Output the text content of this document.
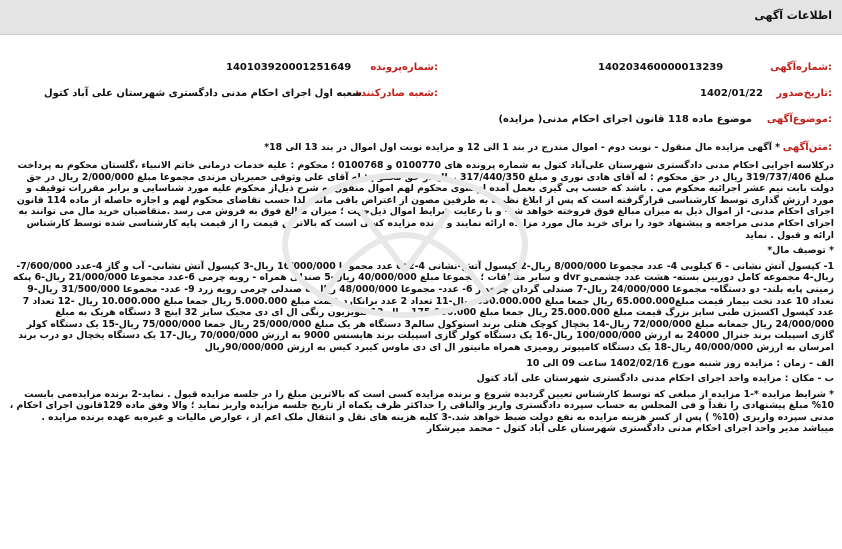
اطلاعات آگهی
شماره‌آگهی:
140203460000013239
شماره‌پرونده:
140103920001251649
تاریخ‌صدور:
1402/01/22
شعبه صادر‌کننده:
شعبه اول اجرای احکام مدنی دادگستری شهرستان علی آباد کتول
موضوع‌آگهی:
موضوع ماده 118 قانون اجرای احکام مدنی( مزایده)
متن‌آگهی:
* آگهی مزایده مال منقول - نوبت دوم - اموال مندرج در بند 1 الی 12 و مزایده نوبت اول اموال در بند 13 الی 18*

درکلاسه اجرایی احکام مدنی دادگستری شهرستان علی‌آباد کتول به شماره پرونده های 0100770 و 0100768 ؛ محکوم : علیه خدمات درمانی خاتم الانبیاء ،گلستان محکوم به پرداخت مبلغ 319/737/406 ریال در حق محکوم : له آقای هادی نوری و مبلغ 317/440/350 ریال در حق محکوم : له آقای علی وثوقی حمیریان مزندی مجموعا مبلغ 2/000/000 ریال در حق دولت بابت نیم عشر اجرائیه محکوم می . باشد که حسب پی گیری بعمل آمده از سوی محکوم لهم اموال منقول به شرح ذیل‌از محکوم علیه مورد شناسایی و برابر مقررات توقیف و مورد ارزش گذاری توسط کارشناسی قرارگرفته است که پس از ابلاغ نظریه به طرفین مصون از اعتراض باقی مانده لذا حسب تقاضای محکوم لهم و اجازه حاصله از ماده 114 قانون اجرای احکام مدنی- از اموال ذیل به میزان مبالغ فوق فروخته خواهد شد- و با رعایت شرایط اموال ذیل‌جهت ؛ میزان مبالغ فوق به فروش می رسد .متقاضیان خرید مال می توانند به اجرای احکام مدنی مراجعه و پیشنهاد خود را برای خرید مال مورد مزایده ارائه نمایند و برنده مزایده کسی است که بالاترین قیمت را از قیمت پایه کارشناسی شده توسط کارشناس ارائه و قبول . نماید

* توصیف مال*

1- کپسول آتش نشانی - 6 کیلویی 4- عدد مجموعا 8/000/000 ریال-2 کپسول آتش-نشانی co2-4 عدد مجموعا 16/000/000 ریال-3 کپسول آتش نشانی- آب و گاز 4-عدد 7/600/000- ریال-4 مجموعه کامل دوربین بسته- هشت عدد چشمی‌و dvr و سایر متعلقات ؛ مجموعا مبلغ 40/000/000 ریال-5 صندلی همراه - رویه چرمی 6-عدد مجموعا 21/000/000 ریال-6 پنکه زمینی پایه بلند- دو دستگاه- مجموعا 24/000/000 ریال-7 صندلی گردان چرخدار 6- عدد- مجموعا 48/000/000 ریال-8 صندلی چرمی رویه زرد 9- عدد- مجموعا 31/500/000 ریال-9 تعداد 10 عدد تخت بیمار قیمت مبلغ65.000.000 ریال جمعا مبلغ 650.000.000 ریال-11 تعداد 2 عدد برانکارد قیمت مبلغ 5.000.000 ریال جمعا مبلغ 10.000.000 ریال -12 تعداد 7 عدد کپسول اکسیژن طبی سایز بزرگ قیمت مبلغ 25.000.000 ریال جمعا مبلغ 175.000.000 ریال-13 تلویزیون رنگی ال ای دی مجیک سایز 32 اینچ 3 دستگاه هریک به مبلغ 24/000/000 ریال جمعابه مبلغ 72/000/000 ریال-14 یخچال کوچک هتلی برند اسنوکول سالم3 دستگاه هر یک مبلغ 25/000/000 ریال جمعا 75/000/000 ریال-15 یک دستگاه کولر گازی اسپیلت برند جنرال 24000 به ارزش 100/000/000 ریال-16 یک دستگاه کولر گازی اسپیلت برند هایسنس 9000 به ارزش 70/000/000 ریال-17 یک دستگاه یخچال دو درب برند امرسان به ارزش 40/000/000 ریال-18 یک دستگاه کامپیوتر رومیزی همراه مانیتور ال ای دی ماوس کیبرد کیس به ارزش 90/000/000ریال

الف - زمان : مزایده روز شنبه مورخ 1402/02/16 ساعت 09 الی 10

ب - مکان : مزایده واحد اجرای احکام مدنی دادگستری شهرستان علی آباد کتول

* شرایط مزایده *-1 مزایده از مبلغی که توسط کارشناس تعیین گردیده شروع و برنده مزایده کسی است که بالاترین مبلغ را در جلسه مزایده قبول . نماید-2 برنده مزایده‌می بایست 10% مبلغ پیشنهادی را نقداً و فی المجلس به حساب سپرده دادگستری واریز والباقی را حداکثر ظرف یکماه از تاریخ جلسه مزایده واریز نماید ؛ والا وفق ماده 129قانون اجرای احکام ، مدنی سپرده واریزی (10% ) پس از کسر هزینه مزایده به نفع دولت ضبط خواهد شد.-3 کلیه هزینه های نقل و انتقال ملک اعم از ، عوارض مالیات و غیره‌به عهده برنده مزایده . میباشد مدیر واحد اجرای احکام مدنی دادگستری شهرستان علی آباد کتول - محمد میرشکار
